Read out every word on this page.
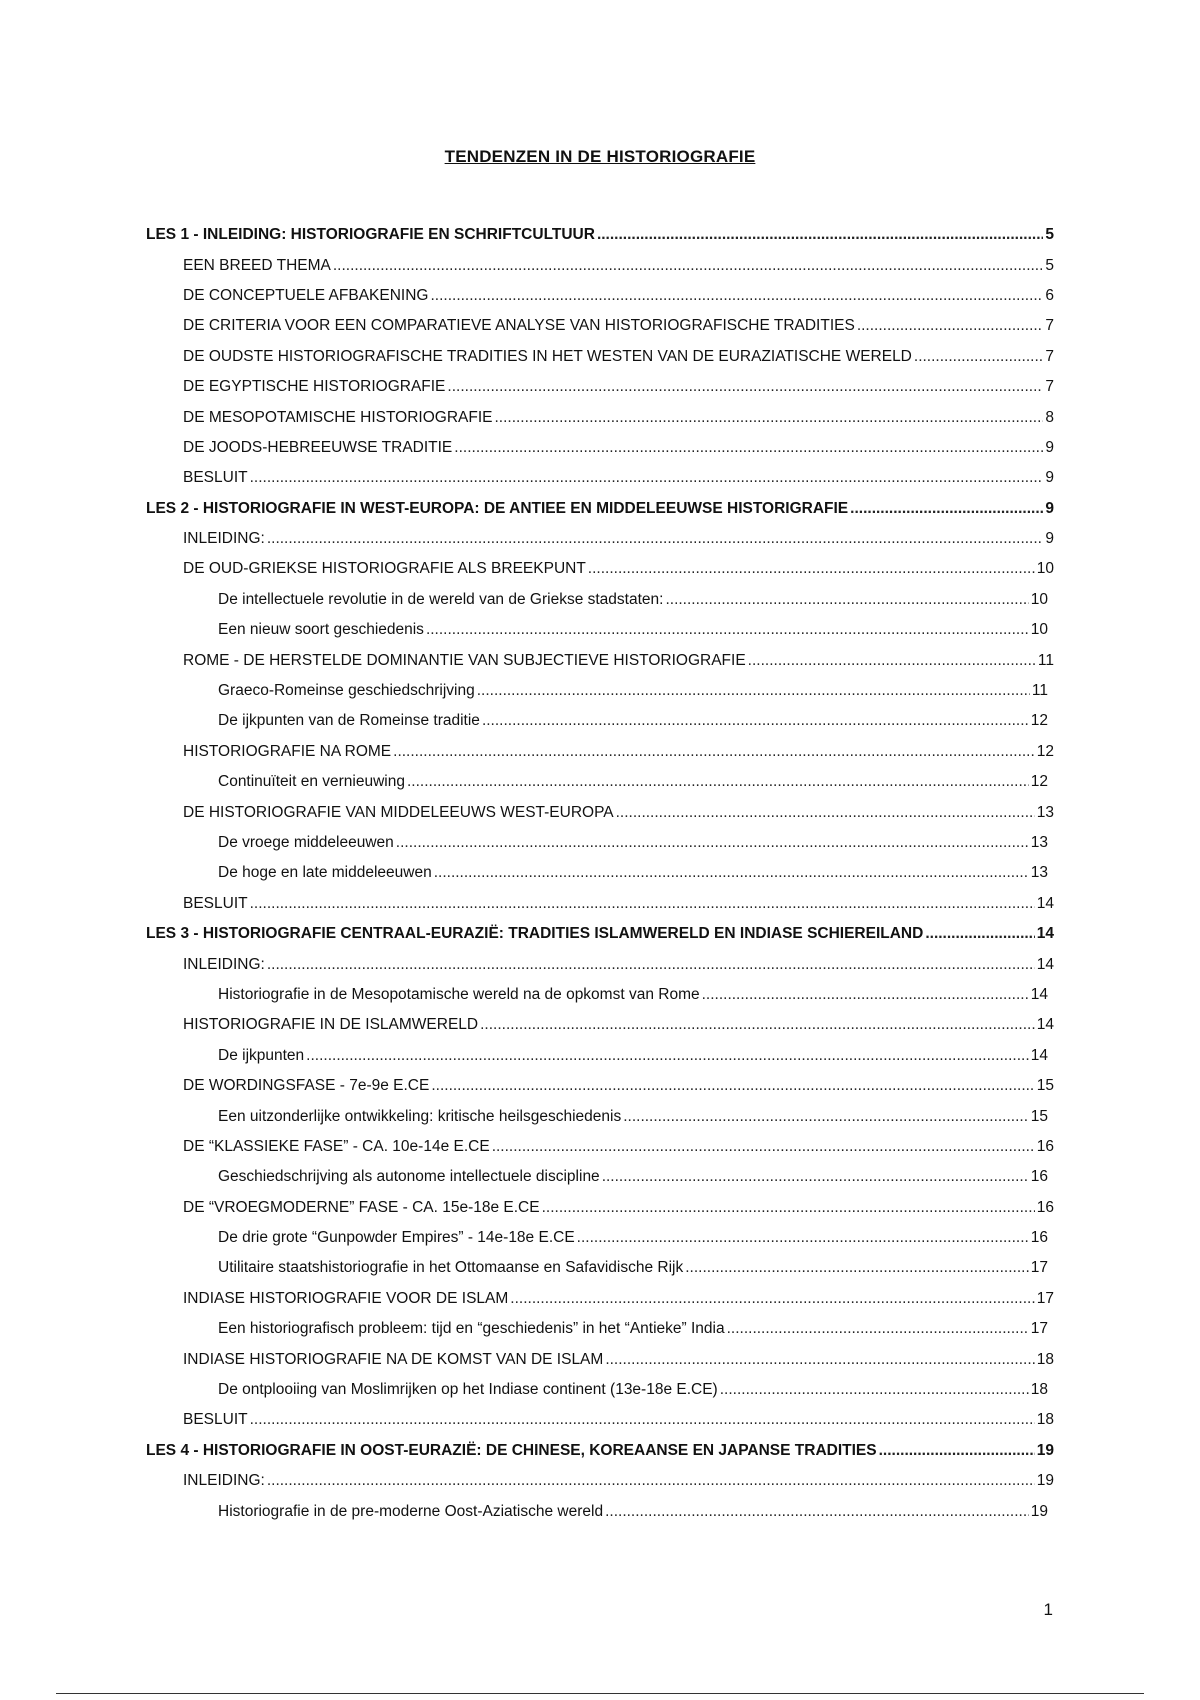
TENDENZEN IN DE HISTORIOGRAFIE
LES 1 - INLEIDING: HISTORIOGRAFIE EN SCHRIFTCULTUUR .....	5
EEN BREED THEMA .....	5
DE CONCEPTUELE AFBAKENING .....	6
DE CRITERIA VOOR EEN COMPARATIEVE ANALYSE VAN HISTORIOGRAFISCHE TRADITIES .....	7
DE OUDSTE HISTORIOGRAFISCHE TRADITIES IN HET WESTEN VAN DE EURAZIATISCHE WERELD .....	7
DE EGYPTISCHE HISTORIOGRAFIE .....	7
DE MESOPOTAMISCHE HISTORIOGRAFIE .....	8
DE JOODS-HEBREEUWSE TRADITIE .....	9
BESLUIT .....	9
LES 2 - HISTORIOGRAFIE IN WEST-EUROPA: DE ANTIEE EN MIDDELEEUWSE HISTORIGRAFIE .....	9
INLEIDING: .....	9
DE OUD-GRIEKSE HISTORIOGRAFIE ALS BREEKPUNT .....	10
De intellectuele revolutie in de wereld van de Griekse stadstaten: .....	10
Een nieuw soort geschiedenis .....	10
ROME - DE HERSTELDE DOMINANTIE VAN SUBJECTIEVE HISTORIOGRAFIE .....	11
Graeco-Romeinse geschiedschrijving .....	11
De ijkpunten van de Romeinse traditie .....	12
HISTORIOGRAFIE NA ROME .....	12
Continuïteit en vernieuwing .....	12
DE HISTORIOGRAFIE VAN MIDDELEEUWS WEST-EUROPA .....	13
De vroege middeleeuwen .....	13
De hoge en late middeleeuwen .....	13
BESLUIT .....	14
LES 3 - HISTORIOGRAFIE CENTRAAL-EURAZIË: TRADITIES ISLAMWERELD EN INDIASE SCHIEREILAND .....	14
INLEIDING: .....	14
Historiografie in de Mesopotamische wereld na de opkomst van Rome .....	14
HISTORIOGRAFIE IN DE ISLAMWERELD .....	14
De ijkpunten .....	14
DE WORDINGSFASE - 7e-9e E.CE .....	15
Een uitzonderlijke ontwikkeling: kritische heilsgeschiedenis .....	15
DE “KLASSIEKE FASE” - CA. 10e-14e E.CE .....	16
Geschiedschrijving als autonome intellectuele discipline .....	16
DE “VROEGMODERNE” FASE - CA. 15e-18e E.CE .....	16
De drie grote “Gunpowder Empires” - 14e-18e E.CE .....	16
Utilitaire staatshistoriografie in het Ottomaanse en Safavidische Rijk .....	17
INDIASE HISTORIOGRAFIE VOOR DE ISLAM .....	17
Een historiografisch probleem: tijd en “geschiedenis” in het “Antieke” India .....	17
INDIASE HISTORIOGRAFIE NA DE KOMST VAN DE ISLAM .....	18
De ontplooiing van Moslimrijken op het Indiase continent (13e-18e E.CE) .....	18
BESLUIT .....	18
LES 4 - HISTORIOGRAFIE IN OOST-EURAZIË: DE CHINESE, KOREAANSE EN JAPANSE TRADITIES .....	19
INLEIDING: .....	19
Historiografie in de pre-moderne Oost-Aziatische wereld .....	19
1
